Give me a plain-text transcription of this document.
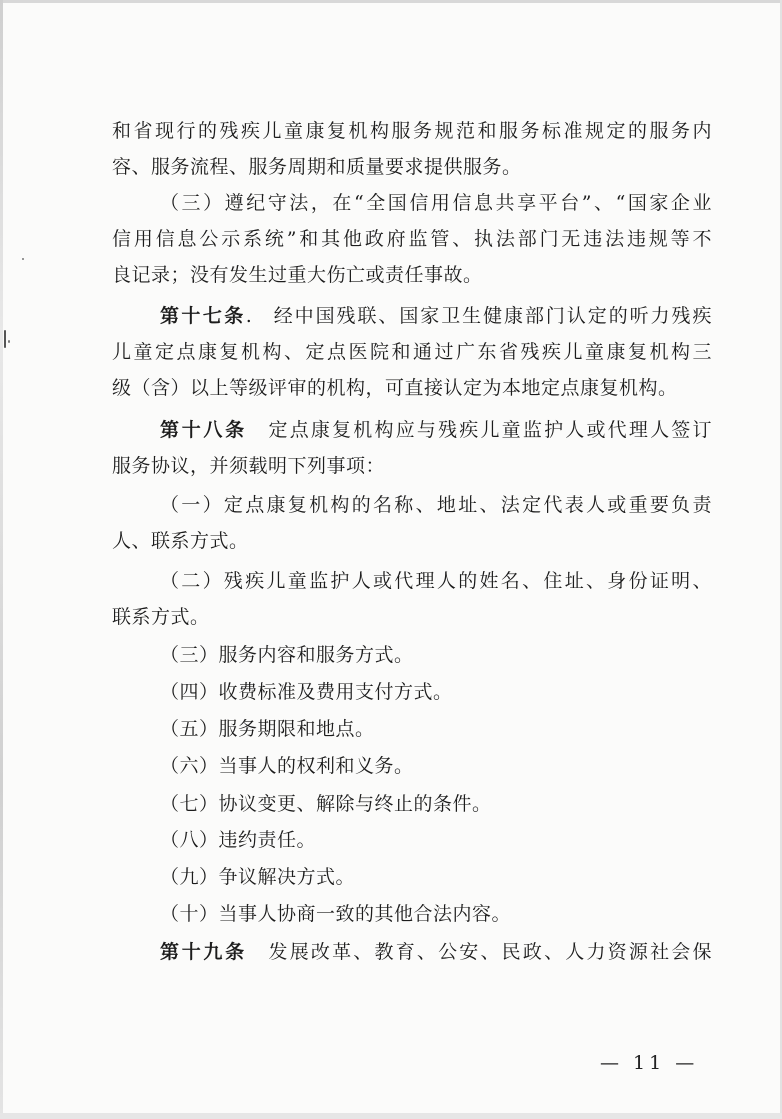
和省现行的残疾儿童康复机构服务规范和服务标准规定的服务内
容、服务流程、服务周期和质量要求提供服务。
（三）遵纪守法，在“全国信用信息共享平台”、“国家企业
信用信息公示系统”和其他政府监管、执法部门无违法违规等不
良记录；没有发生过重大伤亡或责任事故。
第十七条. 经中国残联、国家卫生健康部门认定的听力残疾
儿童定点康复机构、定点医院和通过广东省残疾儿童康复机构三
级（含）以上等级评审的机构，可直接认定为本地定点康复机构。
第十八条 定点康复机构应与残疾儿童监护人或代理人签订
服务协议，并须载明下列事项：
（一）定点康复机构的名称、地址、法定代表人或重要负责
人、联系方式。
（二）残疾儿童监护人或代理人的姓名、住址、身份证明、
联系方式。
（三）服务内容和服务方式。
（四）收费标准及费用支付方式。
（五）服务期限和地点。
（六）当事人的权利和义务。
（七）协议变更、解除与终止的条件。
（八）违约责任。
（九）争议解决方式。
（十）当事人协商一致的其他合法内容。
第十九条 发展改革、教育、公安、民政、人力资源社会保
— 11 —
